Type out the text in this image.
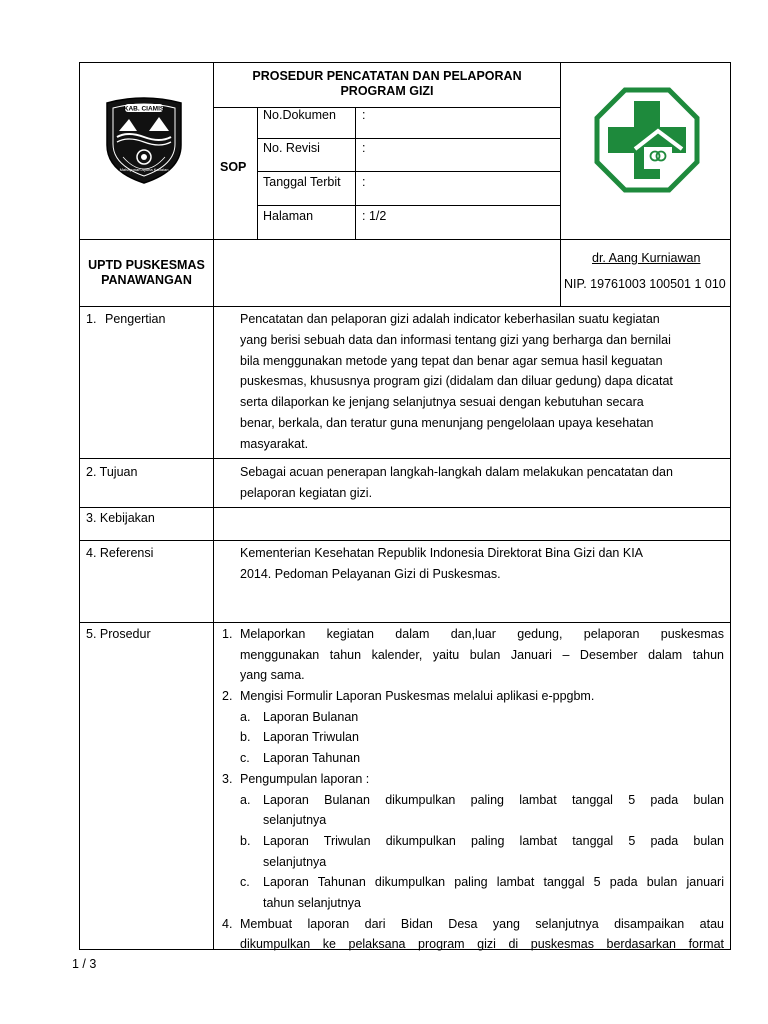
KAB. CIAMIS
Mahayunan Ayuna Kadalan
PROSEDUR PENCATATAN DAN PELAPORAN
PROGRAM GIZI
SOP
No.Dokumen :
No. Revisi	:
Tanggal Terbit :
Halaman	: 1/2
UPTD PUSKESMAS
PANAWANGAN
dr. Aang Kurniawan
NIP. 19761003 100501 1 010
1. Pengertian	Pencatatan dan pelaporan gizi adalah indicator keberhasilan suatu kegiatan
yang berisi sebuah data dan informasi tentang gizi yang berharga dan bernilai
bila menggunakan metode yang tepat dan benar agar semua hasil keguatan
puskesmas, khususnya program gizi (didalam dan diluar gedung) dapa dicatat
serta dilaporkan ke jenjang selanjutnya sesuai dengan kebutuhan secara
benar, berkala, dan teratur guna menunjang pengelolaan upaya kesehatan
masyarakat.
2. Tujuan	Sebagai acuan penerapan langkah-langkah dalam melakukan pencatatan dan
pelaporan kegiatan gizi.
3. Kebijakan
4. Referensi	Kementerian Kesehatan Republik Indonesia Direktorat Bina Gizi dan KIA
2014. Pedoman Pelayanan Gizi di Puskesmas.
5. Prosedur	1. Melaporkan kegiatan dalam dan,luar gedung, pelaporan puskesmas
menggunakan tahun kalender, yaitu bulan Januari – Desember dalam tahun
yang sama.
2. Mengisi Formulir Laporan Puskesmas melalui aplikasi e-ppgbm.
a. Laporan Bulanan
b. Laporan Triwulan
c. Laporan Tahunan
3. Pengumpulan laporan :
a. Laporan Bulanan dikumpulkan paling lambat tanggal 5 pada bulan
selanjutnya
b. Laporan Triwulan dikumpulkan paling lambat tanggal 5 pada bulan
selanjutnya
c. Laporan Tahunan dikumpulkan paling lambat tanggal 5 pada bulan januari
tahun selanjutnya
4. Membuat laporan dari Bidan Desa yang selanjutnya disampaikan atau
dikumpulkan ke pelaksana program gizi di puskesmas berdasarkan format
1 / 3
